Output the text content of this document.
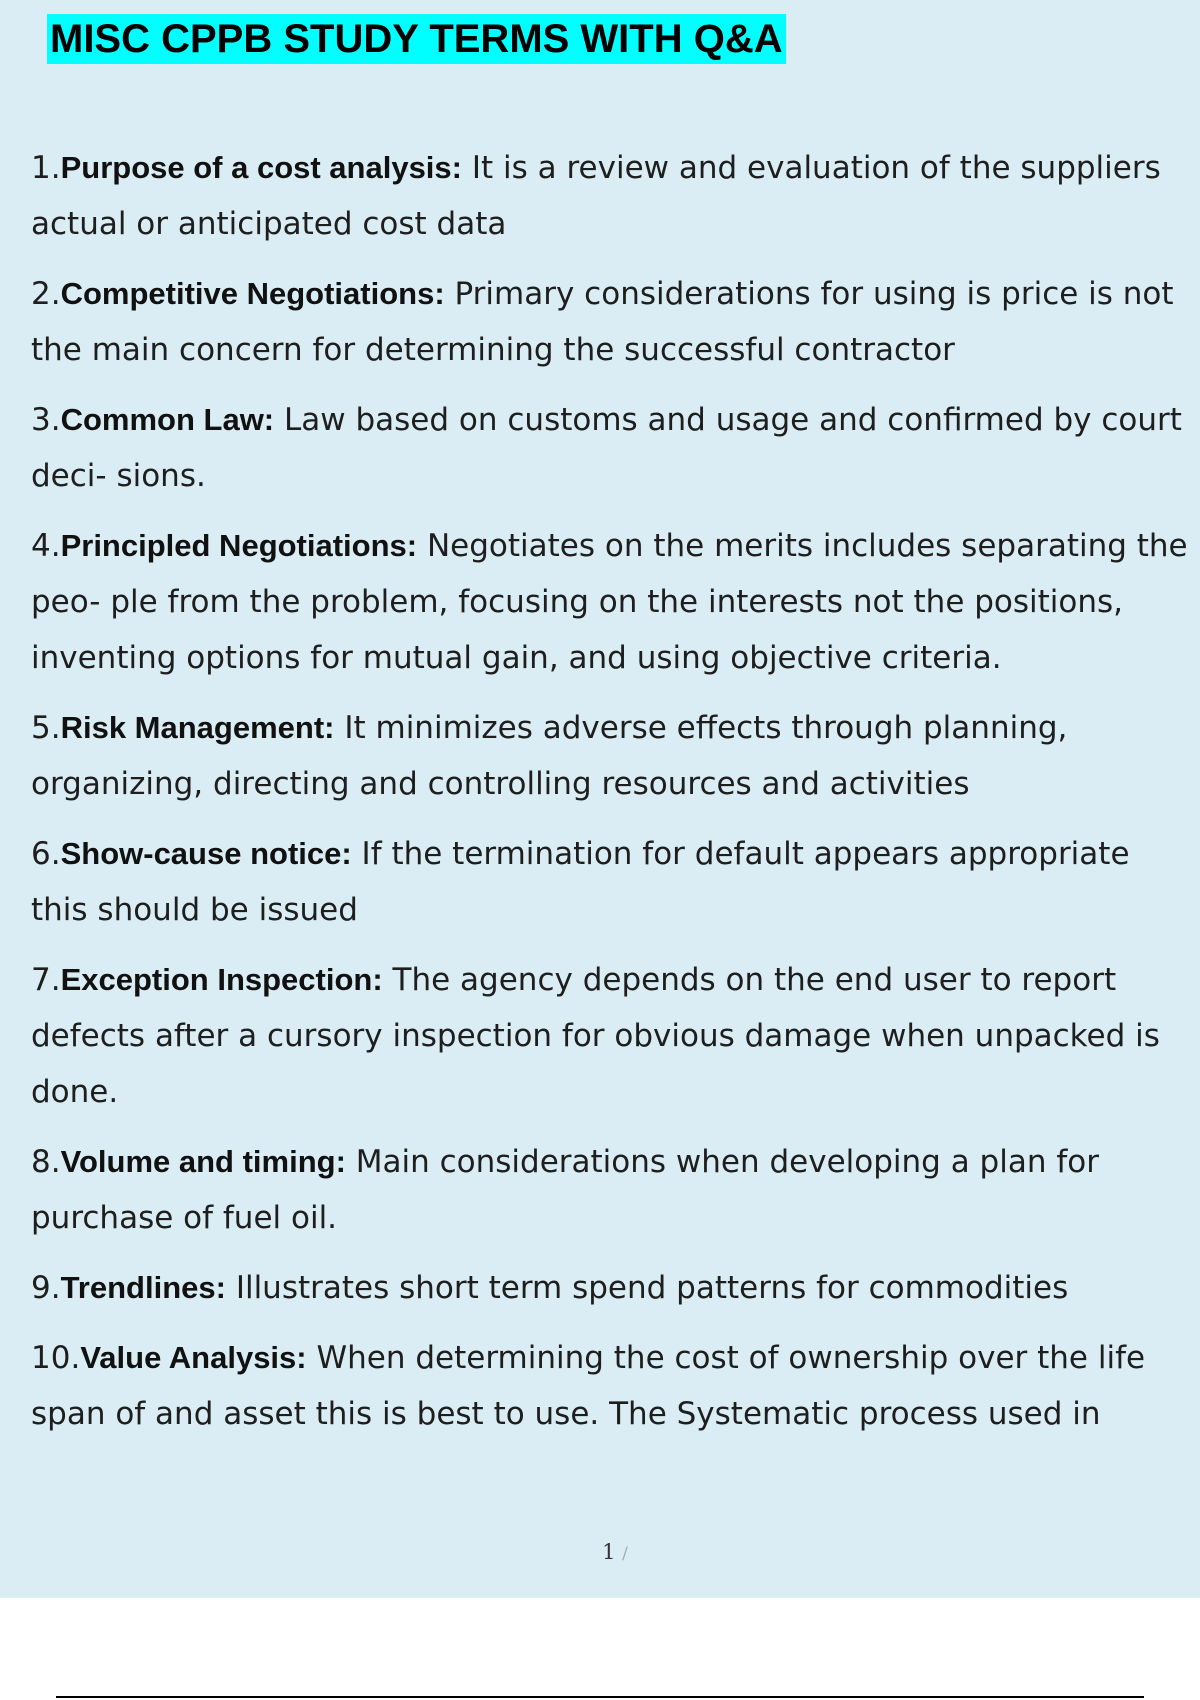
MISC CPPB STUDY TERMS WITH Q&A
1.Purpose of a cost analysis: It is a review and evaluation of the suppliers actual or anticipated cost data
2.Competitive Negotiations: Primary considerations for using is price is not the main concern for determining the successful contractor
3.Common Law: Law based on customs and usage and confirmed by court deci- sions.
4.Principled Negotiations: Negotiates on the merits includes separating the peo- ple from the problem, focusing on the interests not the positions, inventing options for mutual gain, and using objective criteria.
5.Risk Management: It minimizes adverse effects through planning, organizing, directing and controlling resources and activities
6.Show-cause notice: If the termination for default appears appropriate this should be issued
7.Exception Inspection: The agency depends on the end user to report defects after a cursory inspection for obvious damage when unpacked is done.
8.Volume and timing: Main considerations when developing a plan for purchase of fuel oil.
9.Trendlines: Illustrates short term spend patterns for commodities
10.Value Analysis: When determining the cost of ownership over the life span of and asset this is best to use. The Systematic process used in
1 /
